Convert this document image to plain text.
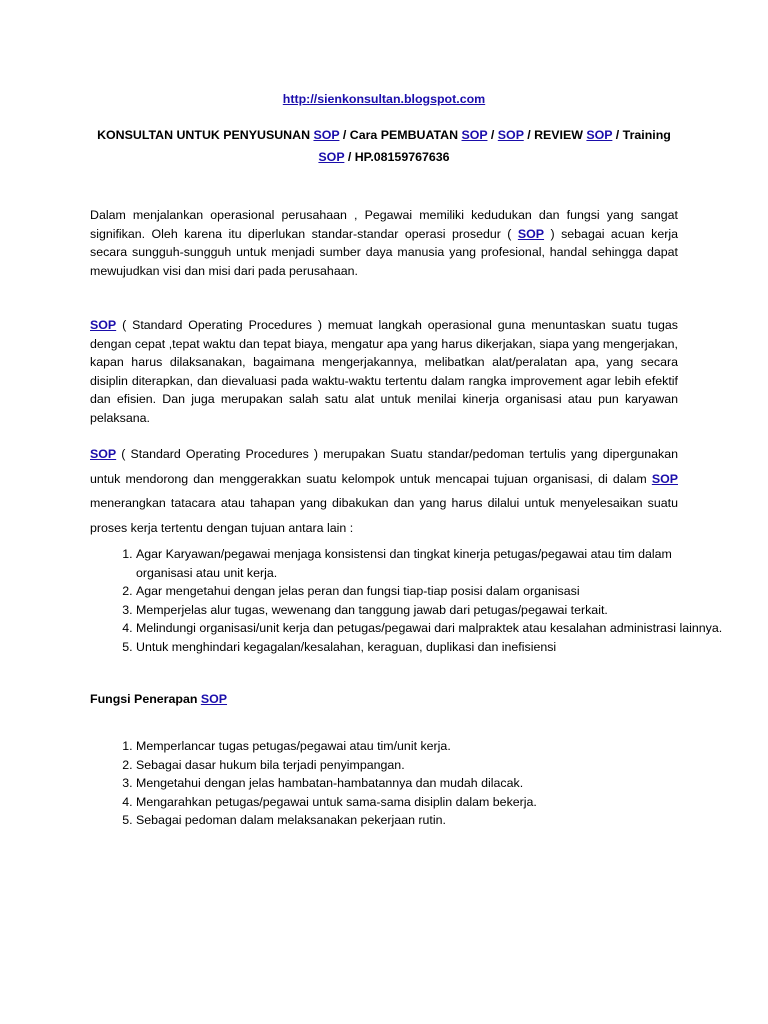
http://sienkonsultan.blogspot.com
KONSULTAN UNTUK PENYUSUNAN SOP / Cara PEMBUATAN SOP / SOP / REVIEW SOP / Training SOP / HP.08159767636
Dalam menjalankan operasional perusahaan , Pegawai memiliki kedudukan dan fungsi yang sangat signifikan. Oleh karena itu diperlukan standar-standar operasi prosedur ( SOP ) sebagai acuan kerja secara sungguh-sungguh untuk menjadi sumber daya manusia yang profesional, handal sehingga dapat mewujudkan visi dan misi dari pada perusahaan.
SOP ( Standard Operating Procedures ) memuat langkah operasional guna menuntaskan suatu tugas dengan cepat ,tepat waktu dan tepat biaya, mengatur apa yang harus dikerjakan, siapa yang mengerjakan, kapan harus dilaksanakan, bagaimana mengerjakannya, melibatkan alat/peralatan apa, yang secara disiplin diterapkan, dan dievaluasi pada waktu-waktu tertentu dalam rangka improvement agar lebih efektif dan efisien. Dan juga merupakan salah satu alat untuk menilai kinerja organisasi atau pun karyawan pelaksana.
SOP ( Standard Operating Procedures ) merupakan Suatu standar/pedoman tertulis yang dipergunakan untuk mendorong dan menggerakkan suatu kelompok untuk mencapai tujuan organisasi, di dalam SOP menerangkan tatacara atau tahapan yang dibakukan dan yang harus dilalui untuk menyelesaikan suatu proses kerja tertentu dengan tujuan antara lain :
1. Agar Karyawan/pegawai menjaga konsistensi dan tingkat kinerja petugas/pegawai atau tim dalam organisasi atau unit kerja.
2. Agar mengetahui dengan jelas peran dan fungsi tiap-tiap posisi dalam organisasi
3. Memperjelas alur tugas, wewenang dan tanggung jawab dari petugas/pegawai terkait.
4. Melindungi organisasi/unit kerja dan petugas/pegawai dari malpraktek atau kesalahan administrasi lainnya.
5. Untuk menghindari kegagalan/kesalahan, keraguan, duplikasi dan inefisiensi
Fungsi Penerapan SOP
1. Memperlancar tugas petugas/pegawai atau tim/unit kerja.
2. Sebagai dasar hukum bila terjadi penyimpangan.
3. Mengetahui dengan jelas hambatan-hambatannya dan mudah dilacak.
4. Mengarahkan petugas/pegawai untuk sama-sama disiplin dalam bekerja.
5. Sebagai pedoman dalam melaksanakan pekerjaan rutin.
